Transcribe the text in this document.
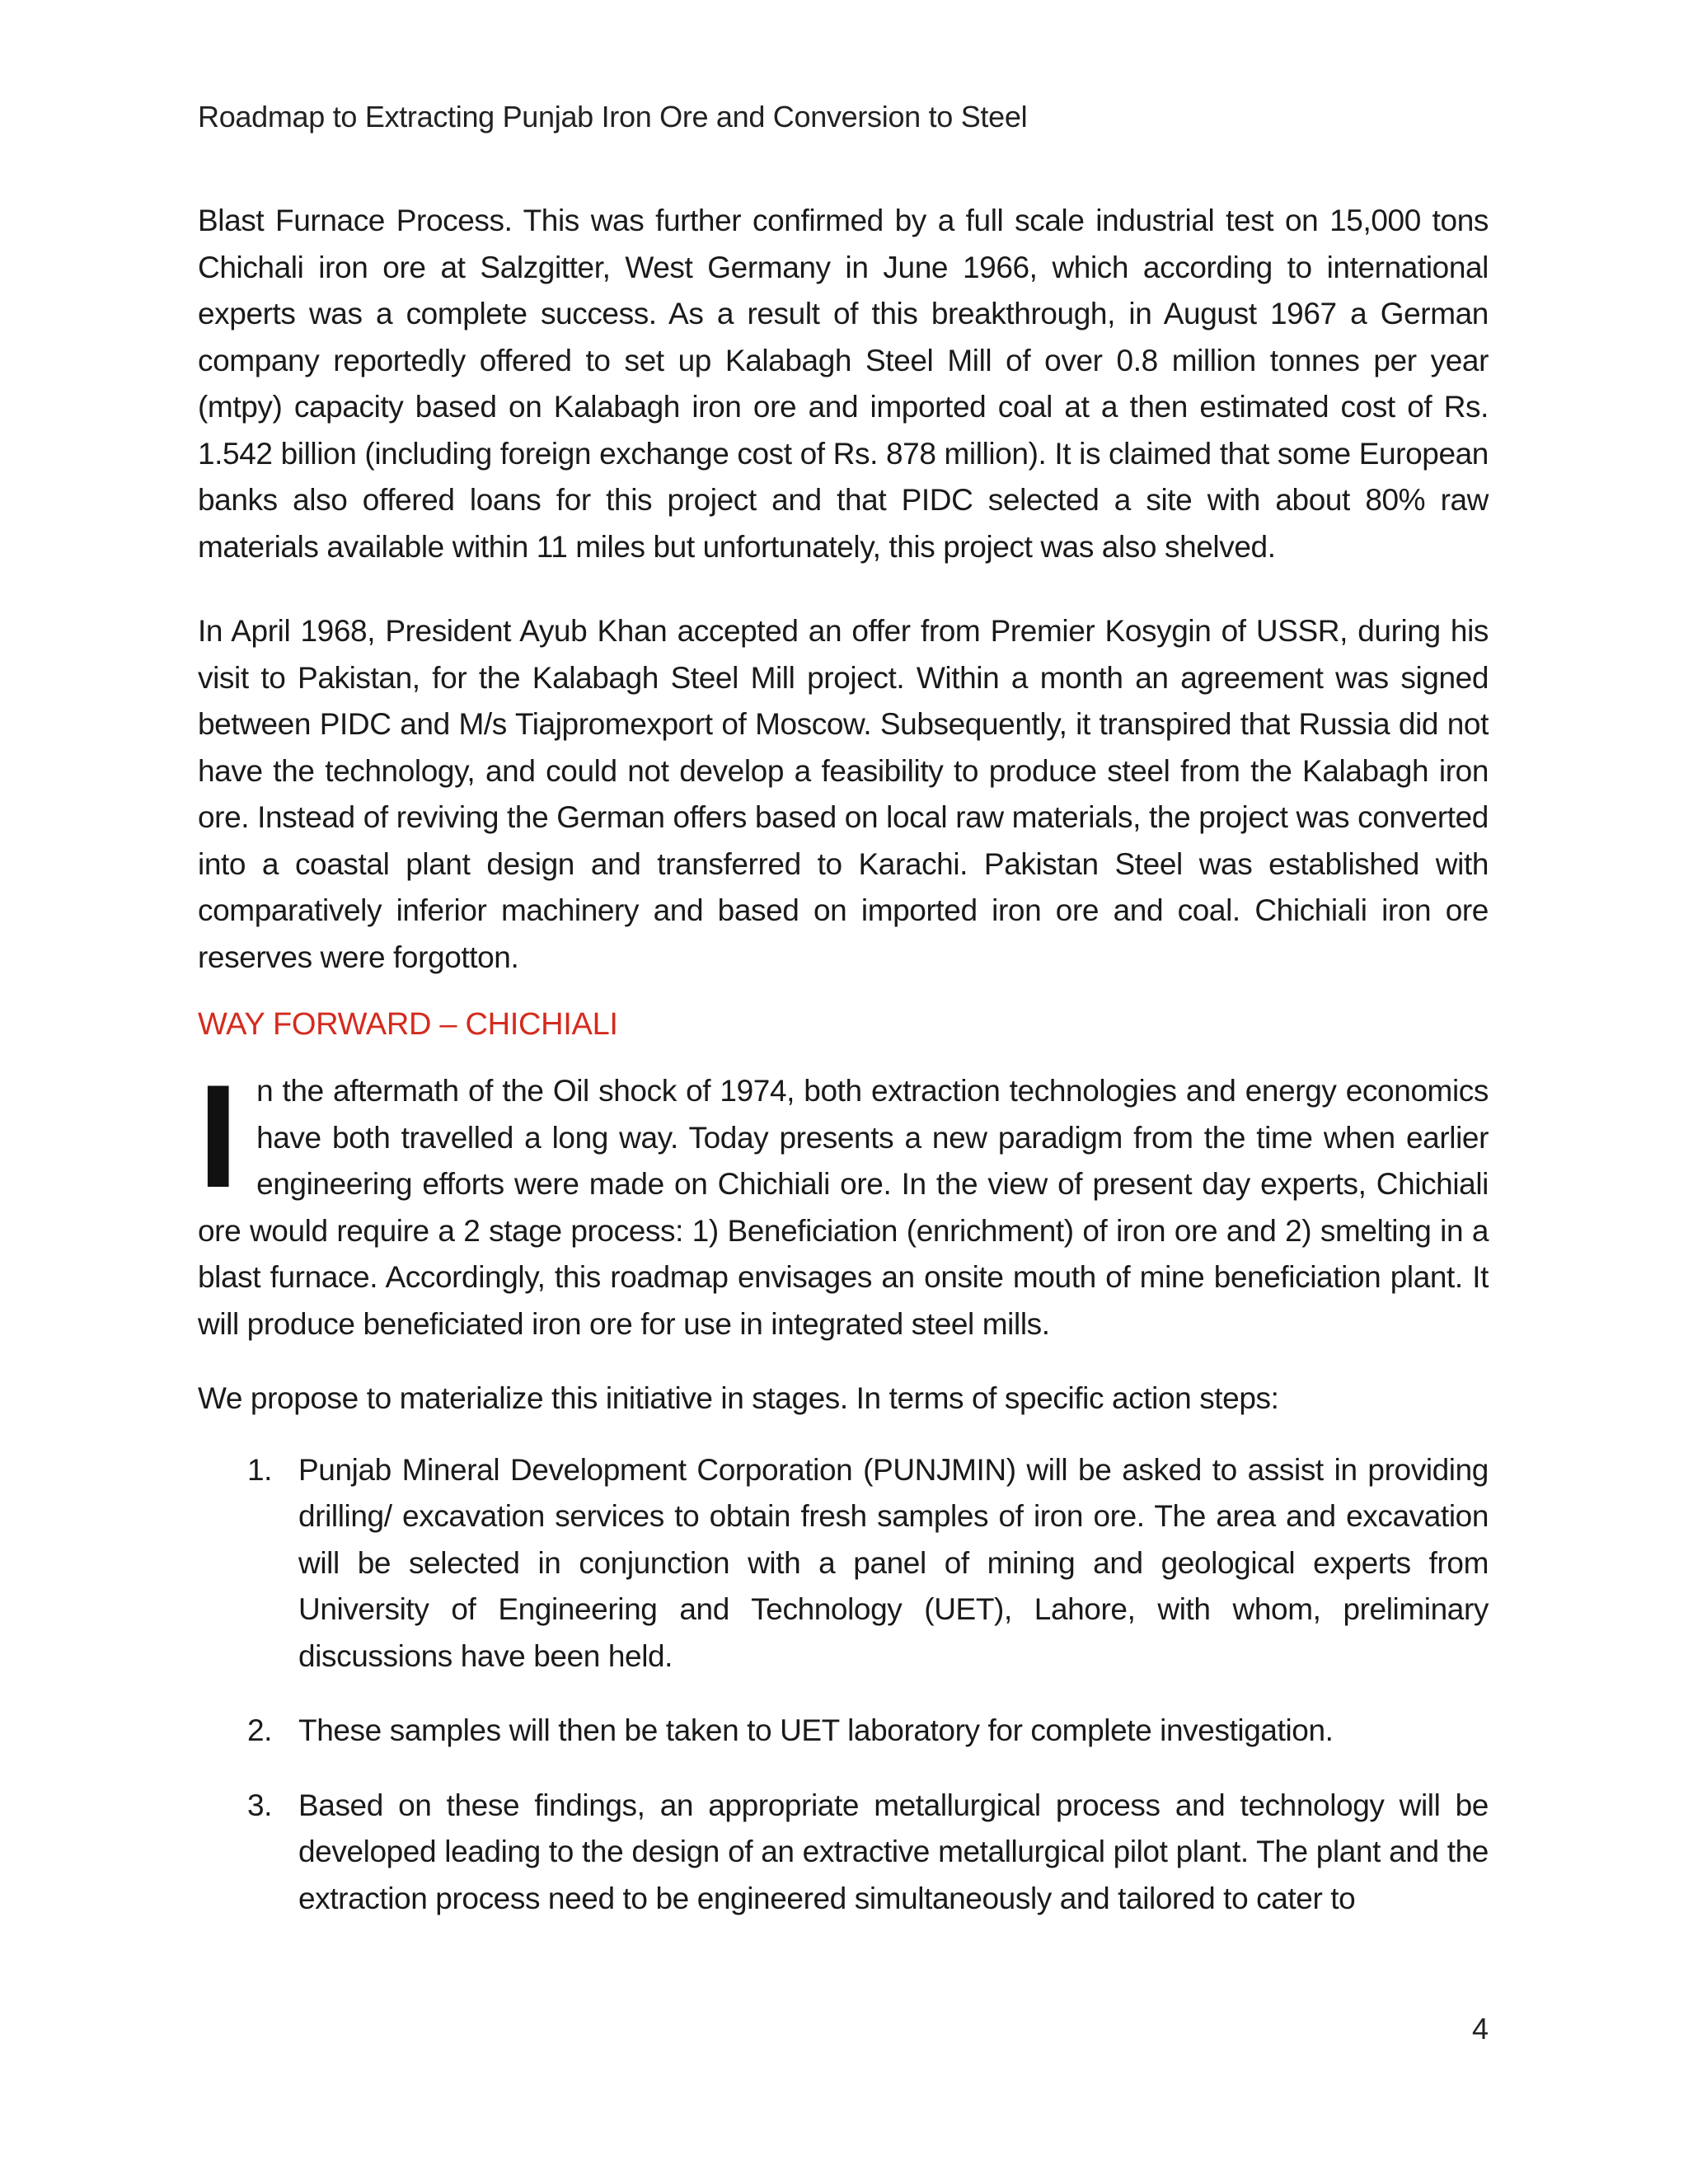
Roadmap to Extracting Punjab Iron Ore and Conversion to Steel

Blast Furnace Process. This was further confirmed by a full scale industrial test on 15,000 tons Chichali iron ore at Salzgitter, West Germany in June 1966, which according to international experts was a complete success. As a result of this breakthrough, in August 1967 a German company reportedly offered to set up Kalabagh Steel Mill of over 0.8 million tonnes per year (mtpy) capacity based on Kalabagh iron ore and imported coal at a then estimated cost of Rs. 1.542 billion (including foreign exchange cost of Rs. 878 million). It is claimed that some European banks also offered loans for this project and that PIDC selected a site with about 80% raw materials available within 11 miles but unfortunately, this project was also shelved.

In April 1968, President Ayub Khan accepted an offer from Premier Kosygin of USSR, during his visit to Pakistan, for the Kalabagh Steel Mill project. Within a month an agreement was signed between PIDC and M/s Tiajpromexport of Moscow. Subsequently, it transpired that Russia did not have the technology, and could not develop a feasibility to produce steel from the Kalabagh iron ore. Instead of reviving the German offers based on local raw materials, the project was converted into a coastal plant design and transferred to Karachi. Pakistan Steel was established with comparatively inferior machinery and based on imported iron ore and coal. Chichiali iron ore reserves were forgotton.

WAY FORWARD – CHICHIALI

I n the aftermath of the Oil shock of 1974, both extraction technologies and energy economics have both travelled a long way. Today presents a new paradigm from the time when earlier engineering efforts were made on Chichiali ore. In the view of present day experts, Chichiali ore would require a 2 stage process: 1) Beneficiation (enrichment) of iron ore and 2) smelting in a blast furnace. Accordingly, this roadmap envisages an onsite mouth of mine beneficiation plant. It will produce beneficiated iron ore for use in integrated steel mills.

We propose to materialize this initiative in stages. In terms of specific action steps:

1. Punjab Mineral Development Corporation (PUNJMIN) will be asked to assist in providing drilling/ excavation services to obtain fresh samples of iron ore. The area and excavation will be selected in conjunction with a panel of mining and geological experts from University of Engineering and Technology (UET), Lahore, with whom, preliminary discussions have been held.
2. These samples will then be taken to UET laboratory for complete investigation.
3. Based on these findings, an appropriate metallurgical process and technology will be developed leading to the design of an extractive metallurgical pilot plant. The plant and the extraction process need to be engineered simultaneously and tailored to cater to
4
